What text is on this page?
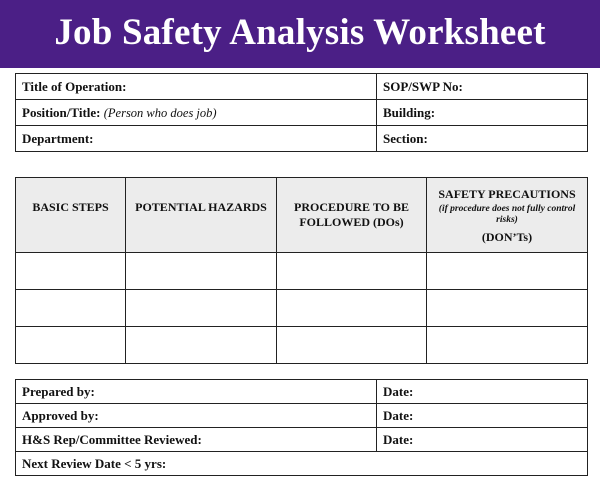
Job Safety Analysis Worksheet
Title of Operation:	SOP/SWP No:
Position/Title: (Person who does job)	Building:
Department:	Section:
BASIC STEPS	POTENTIAL HAZARDS	PROCEDURE TO BE FOLLOWED (DOs)	SAFETY PRECAUTIONS
(if procedure does not fully control risks)
(DON’Ts)

Prepared by:	Date:
Approved by:	Date:
H&S Rep/Committee Reviewed:	Date:
Next Review Date < 5 yrs:	
